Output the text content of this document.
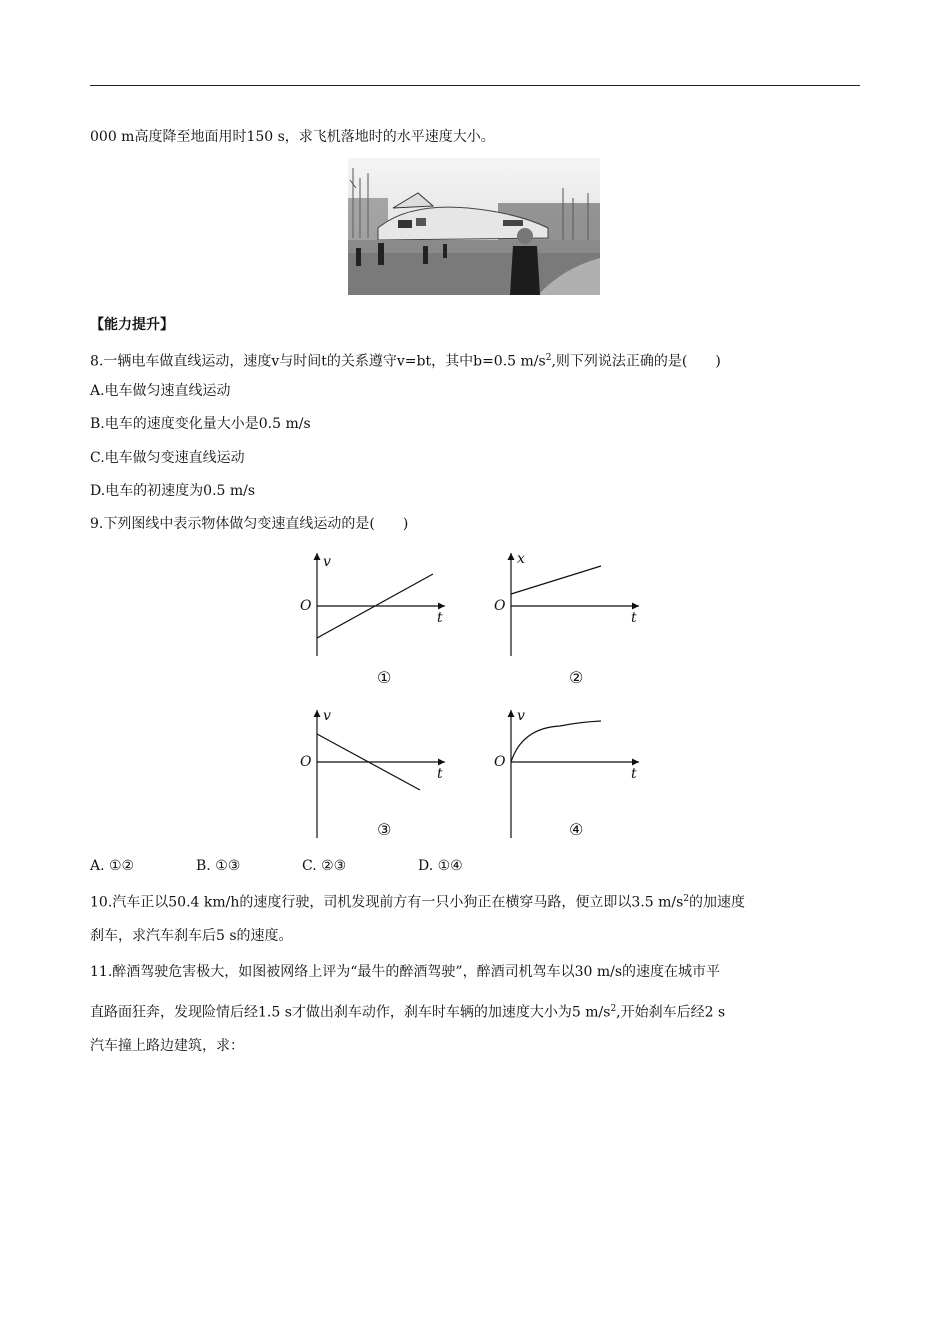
000 m高度降至地面用时150 s，求飞机落地时的水平速度大小。
【能力提升】
8.一辆电车做直线运动，速度v与时间t的关系遵守v=bt，其中b=0.5 $m/s^2$,则下列说法正确的是(　　)
A.电车做匀速直线运动
B.电车的速度变化量大小是0.5 m/s
C.电车做匀变速直线运动
D.电车的初速度为0.5 m/s
9.下列图线中表示物体做匀变速直线运动的是(　　)
v
O
t
①
x
O
t
②
v
O
t
③
v
O
t
④
A. ①②	B. ①③	C. ②③	D. ①④
10.汽车正以50.4 km/h的速度行驶，司机发现前方有一只小狗正在横穿马路，便立即以3.5 $m/s^2$的加速度
刹车，求汽车刹车后5 s的速度。
11.醉酒驾驶危害极大，如图被网络上评为“最牛的醉酒驾驶”，醉酒司机驾车以30 m/s的速度在城市平
直路面狂奔，发现险情后经1.5 s才做出刹车动作，刹车时车辆的加速度大小为5 $m/s^2$,开始刹车后经2 s
汽车撞上路边建筑，求：
